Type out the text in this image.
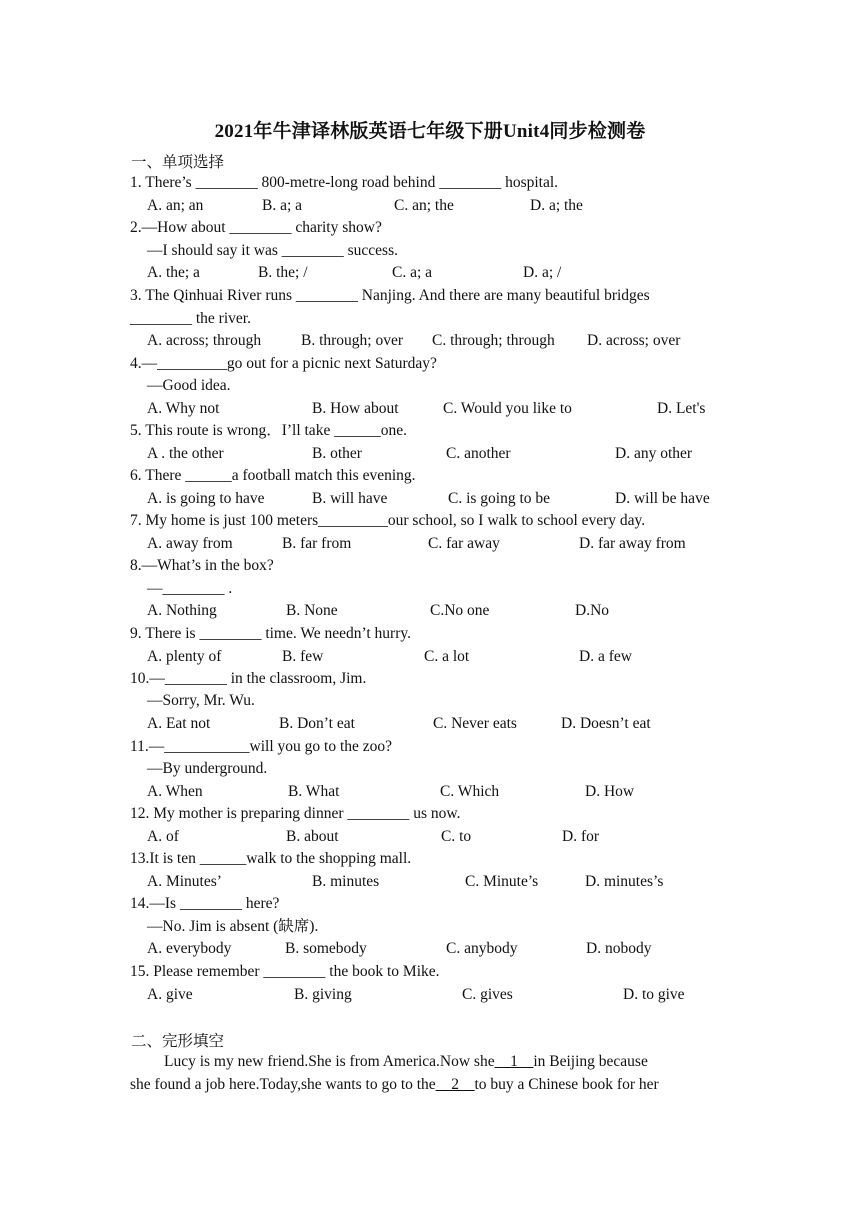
2021年牛津译林版英语七年级下册Unit4同步检测卷
一、单项选择
1. There’s ________ 800-metre-long road behind ________ hospital.
A. an; an	B. a; a	C. an; the	D. a; the
2.—How about ________ charity show?
—I should say it was ________ success.
A. the; a	B. the; /	C. a; a	D. a; /
3. The Qinhuai River runs ________ Nanjing. And there are many beautiful bridges
________ the river.
A. across; through	B. through; over C. through; through D. across; over
4.—_________go out for a picnic next Saturday?
—Good idea.
A. Why not	B. How about	C. Would you like to	D. Let's
5. This route is wrong．I’ll take ______one.
A . the other	B. other	C. another	D. any other
6. There ______a football match this evening.
A. is going to have	B. will have	C. is going to be	D. will be have
7. My home is just 100 meters_________our school, so I walk to school every day.
A. away from	B. far from	C. far away	D. far away from
8.—What’s in the box?
—________ .
A. Nothing	B. None	C.No one	D.No
9. There is ________ time. We needn’t hurry.
A. plenty of	B. few	C. a lot	D. a few
10.—________ in the classroom, Jim.
—Sorry, Mr. Wu.
A. Eat not	B. Don’t eat	C. Never eats	D. Doesn’t eat
11.—___________will you go to the zoo?
—By underground.
A. When	B. What	C. Which	D. How
12. My mother is preparing dinner ________ us now.
A. of	B. about	C. to	D. for
13.It is ten ______walk to the shopping mall.
A. Minutes’	B. minutes	C. Minute’s	D. minutes’s
14.—Is ________ here?
—No. Jim is absent (缺席).
A. everybody	B. somebody	C. anybody	D. nobody
15. Please remember ________ the book to Mike.
A. give	B. giving	C. gives	D. to give
二、完形填空
Lucy is my new friend.She is from America.Now she__1__in Beijing because
she found a job here.Today,she wants to go to the__2__to buy a Chinese book for her
